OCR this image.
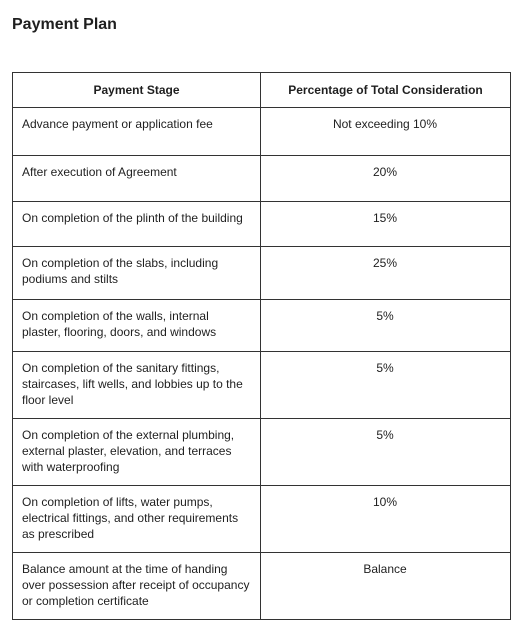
Payment Plan
Payment Stage	Percentage of Total Consideration
Advance payment or application fee	Not exceeding 10%
After execution of Agreement	20%
On completion of the plinth of the building	15%
On completion of the slabs, including podiums and stilts	25%
On completion of the walls, internal plaster, flooring, doors, and windows	5%
On completion of the sanitary fittings, staircases, lift wells, and lobbies up to the floor level	5%
On completion of the external plumbing, external plaster, elevation, and terraces with waterproofing	5%
On completion of lifts, water pumps, electrical fittings, and other requirements as prescribed	10%
Balance amount at the time of handing over possession after receipt of occupancy or completion certificate	Balance
